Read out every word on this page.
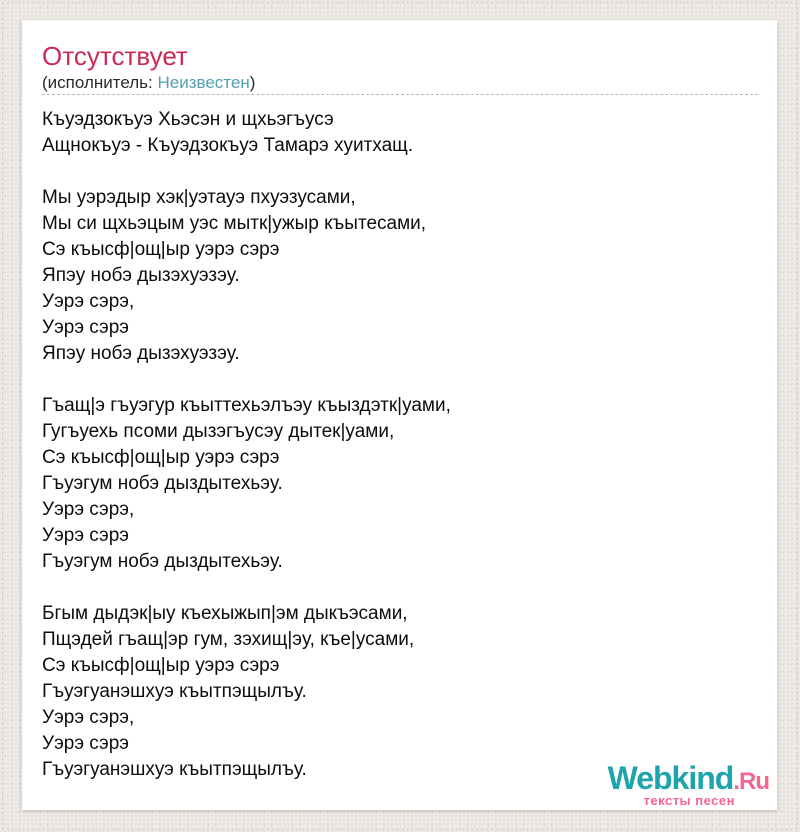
Отсутствует
(исполнитель: Неизвестен)

Къуэдзокъуэ Хьэсэн и щхьэгъусэ
Ащнокъуэ - Къуэдзокъуэ Тамарэ хуитхащ.

Мы уэрэдыр хэк|уэтауэ пхуэзусами,
Мы си щхьэцым уэс мытк|ужыр къытесами,
Сэ къысф|ощ|ыр уэрэ сэрэ
Япэу нобэ дызэхуэзэу.
Уэрэ сэрэ,
Уэрэ сэрэ
Япэу нобэ дызэхуэзэу.

Гъащ|э гъуэгур къыттехьэлъэу къыздэтк|уами,
Гугъуехь псоми дызэгъусэу дытек|уами,
Сэ къысф|ощ|ыр уэрэ сэрэ
Гъуэгум нобэ дыздытехьэу.
Уэрэ сэрэ,
Уэрэ сэрэ
Гъуэгум нобэ дыздытехьэу.

Бгым дыдэк|ыу къехыжып|эм дыкъэсами,
Пщэдей гъащ|эр гум, зэхищ|эу, къе|усами,
Сэ къысф|ощ|ыр уэрэ сэрэ
Гъуэгуанэшхуэ къытпэщылъу.
Уэрэ сэрэ,
Уэрэ сэрэ
Гъуэгуанэшхуэ къытпэщылъу.	Webkind.Ru
тексты песен
